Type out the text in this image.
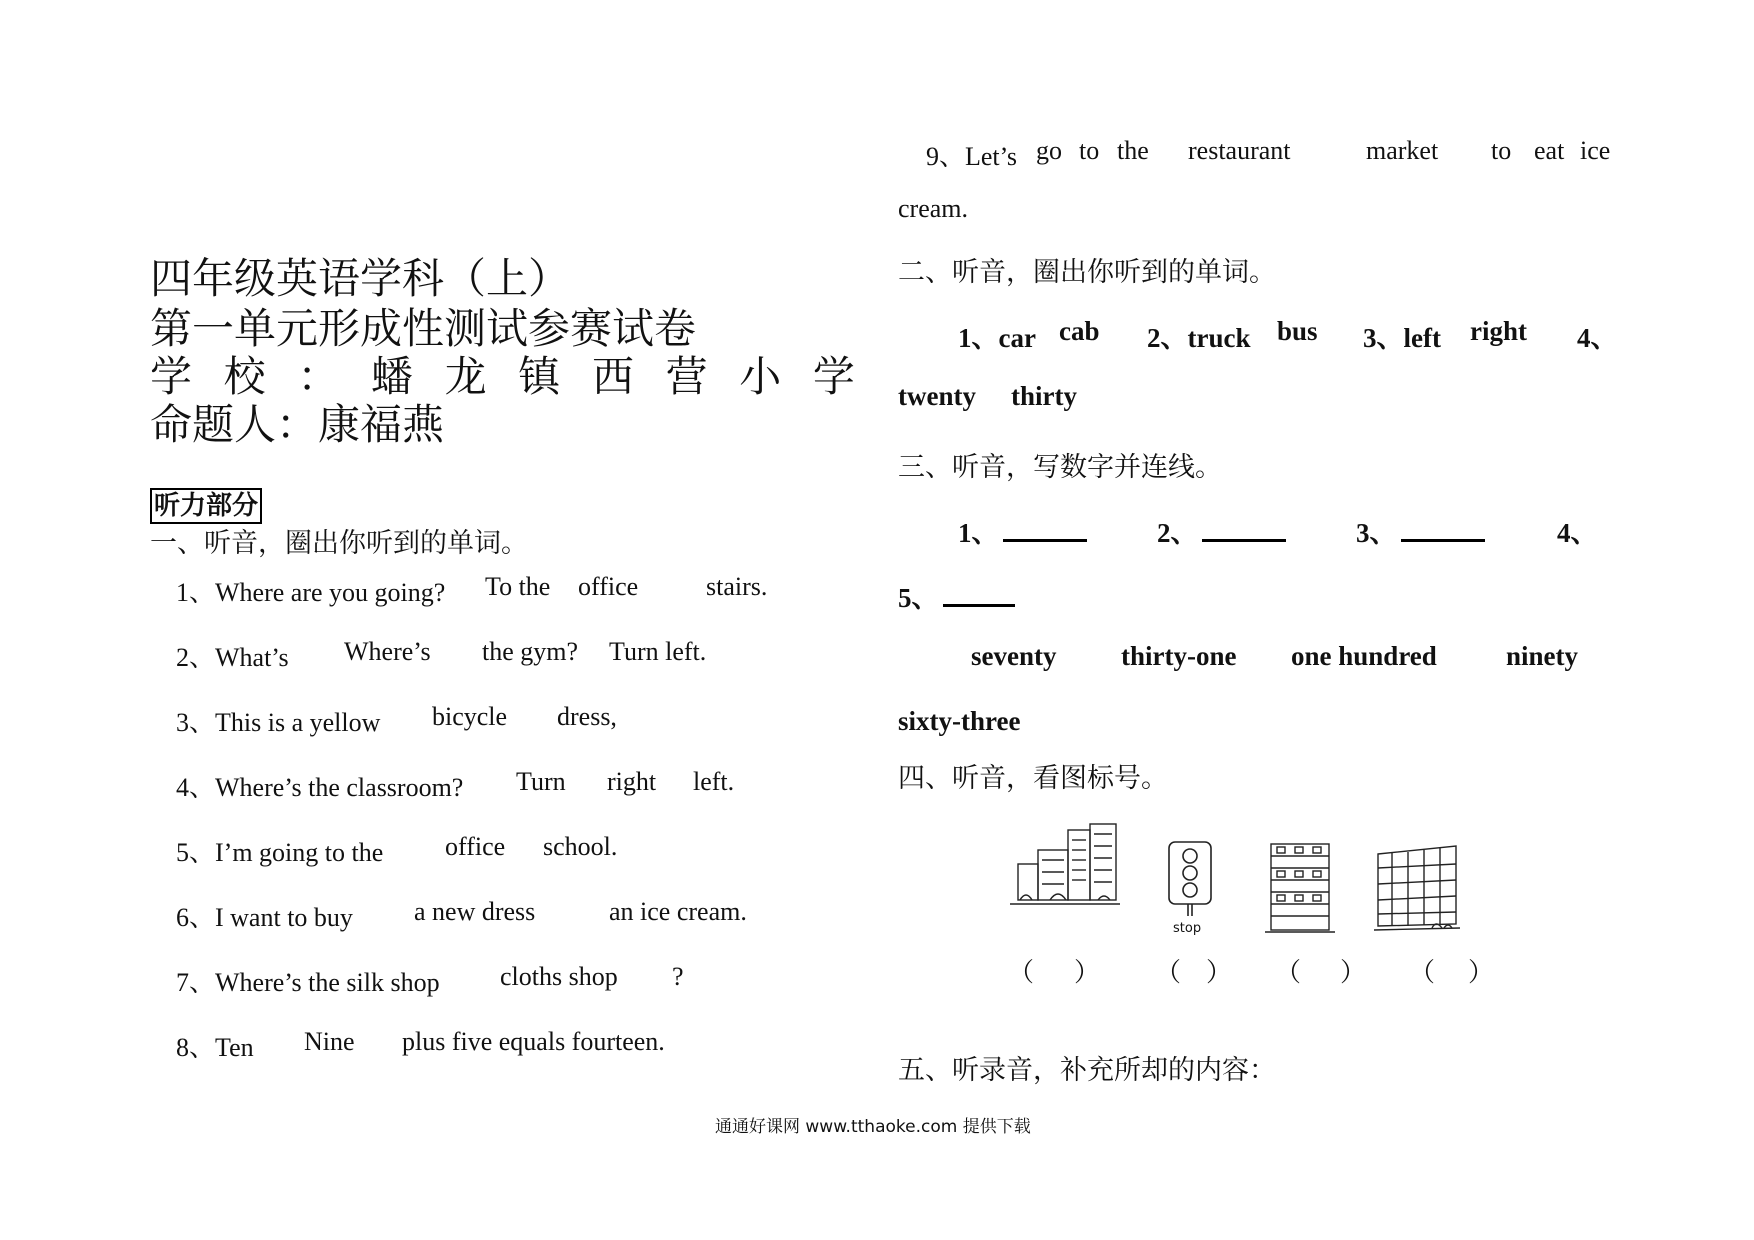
四年级英语学科（上）
第一单元形成性测试参赛试卷
学 校 ： 蟠 龙 镇 西 营 小 学
命题人：康福燕
听力部分
一、听音，圈出你听到的单词。
1、Where are you going? To the office	stairs.
2、What’s Where’s the gym? Turn left.
3、This is a yellow bicycle dress,
4、Where’s the classroom? Turn right left.
5、I’m going to the office school.
6、I want to buy a new dress	an ice cream.
7、Where’s the silk shop cloths shop ?
8、Ten Nine plus five equals fourteen.
9、Let’s go to the restaurant	market to eat ice
cream.
二、听音，圈出你听到的单词。
1、car cab 2、truck bus 3、left right 4、
twenty thirty
三、听音，写数字并连线。
1、	2、	3、	4、
5、
seventy thirty-one one hundred	ninety
sixty-three
四、听音，看图标号。
stop
（ ） （ ） （ ） （ ）
五、听录音，补充所却的内容：
通通好课网 www.tthaoke.com 提供下载
